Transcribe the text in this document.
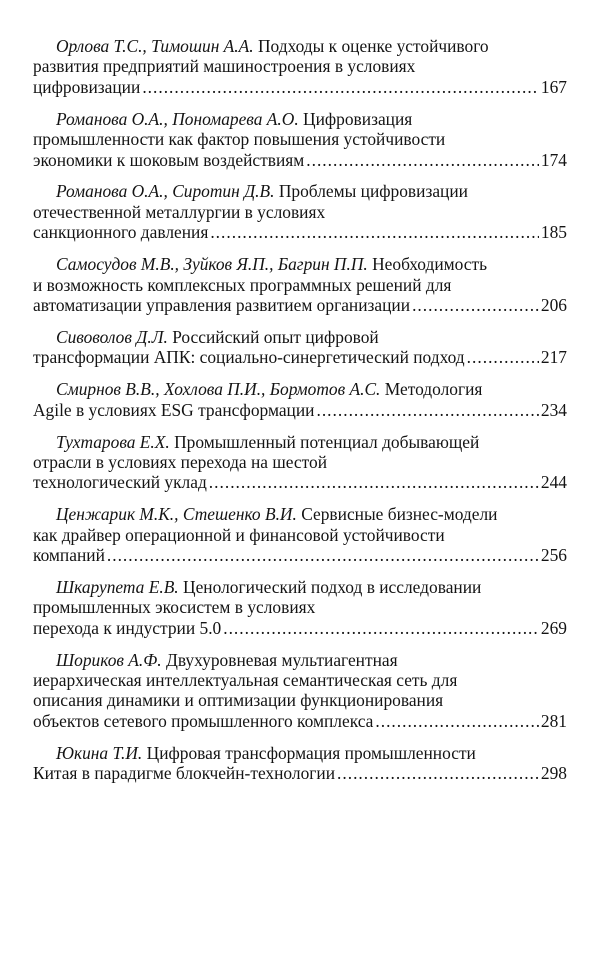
Орлова Т.С., Тимошин А.А. Подходы к оценке устойчивого
развития предприятий машиностроения в условиях
цифровизации .....	167
Романова О.А., Пономарева А.О. Цифровизация
промышленности как фактор повышения устойчивости
экономики к шоковым воздействиям .....	174
Романова О.А., Сиротин Д.В. Проблемы цифровизации
отечественной металлургии в условиях
санкционного давления .....	185
Самосудов М.В., Зуйков Я.П., Багрин П.П. Необходимость
и возможность комплексных программных решений для
автоматизации управления развитием организации .....	206
Сивоволов Д.Л. Российский опыт цифровой
трансформации АПК: социально-синергетический подход .....	217
Смирнов В.В., Хохлова П.И., Бормотов А.С. Методология
Agile в условиях ESG трансформации .....	234
Тухтарова Е.Х. Промышленный потенциал добывающей
отрасли в условиях перехода на шестой
технологический уклад .....	244
Ценжарик М.К., Стешенко В.И. Сервисные бизнес-модели
как драйвер операционной и финансовой устойчивости
компаний .....	256
Шкарупета Е.В. Ценологический подход в исследовании
промышленных экосистем в условиях
перехода к индустрии 5.0 .....	269
Шориков А.Ф. Двухуровневая мультиагентная
иерархическая интеллектуальная семантическая сеть для
описания динамики и оптимизации функционирования
объектов сетевого промышленного комплекса .....	281
Юкина Т.И. Цифровая трансформация промышленности
Китая в парадигме блокчейн-технологии .....	298
